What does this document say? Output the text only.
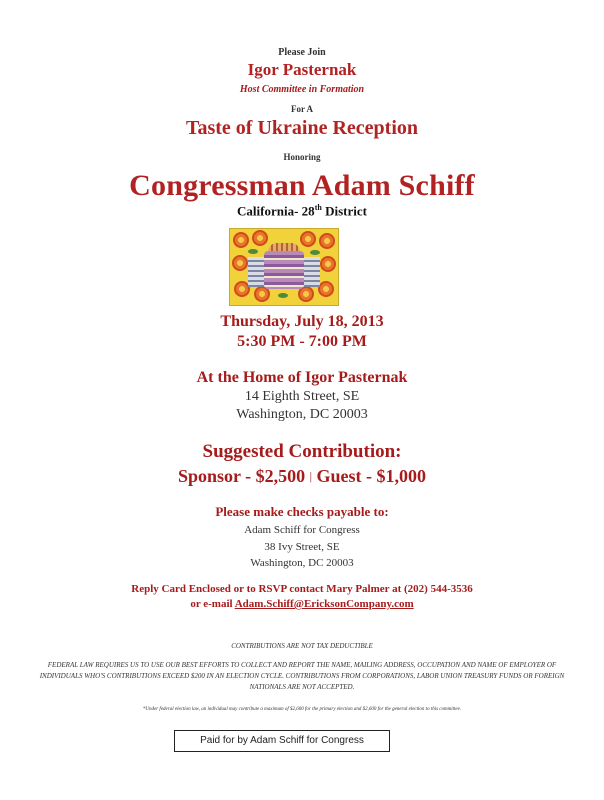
Please Join
Igor Pasternak
Host Committee in Formation
For A
Taste of Ukraine Reception
Honoring
Congressman Adam Schiff
California- 28th District
Thursday, July 18, 2013
5:30 PM - 7:00 PM
At the Home of Igor Pasternak
14 Eighth Street, SE
Washington, DC 20003
Suggested Contribution:
Sponsor - $2,500 | Guest - $1,000
Please make checks payable to:
Adam Schiff for Congress
38 Ivy Street, SE
Washington, DC 20003
Reply Card Enclosed or to RSVP contact Mary Palmer at (202) 544-3536
or e-mail Adam.Schiff@EricksonCompany.com
CONTRIBUTIONS ARE NOT TAX DEDUCTIBLE
FEDERAL LAW REQUIRES US TO USE OUR BEST EFFORTS TO COLLECT AND REPORT THE NAME, MAILING ADDRESS, OCCUPATION AND NAME OF EMPLOYER OF INDIVIDUALS WHO'S CONTRIBUTIONS EXCEED $200 IN AN ELECTION CYCLE. CONTRIBUTIONS FROM CORPORATIONS, LABOR UNION TREASURY FUNDS OR FOREIGN NATIONALS ARE NOT ACCEPTED.
*Under federal election law, an individual may contribute a maximum of $2,600 for the primary election and $2,600 for the general election to this committee.
Paid for by Adam Schiff for Congress
